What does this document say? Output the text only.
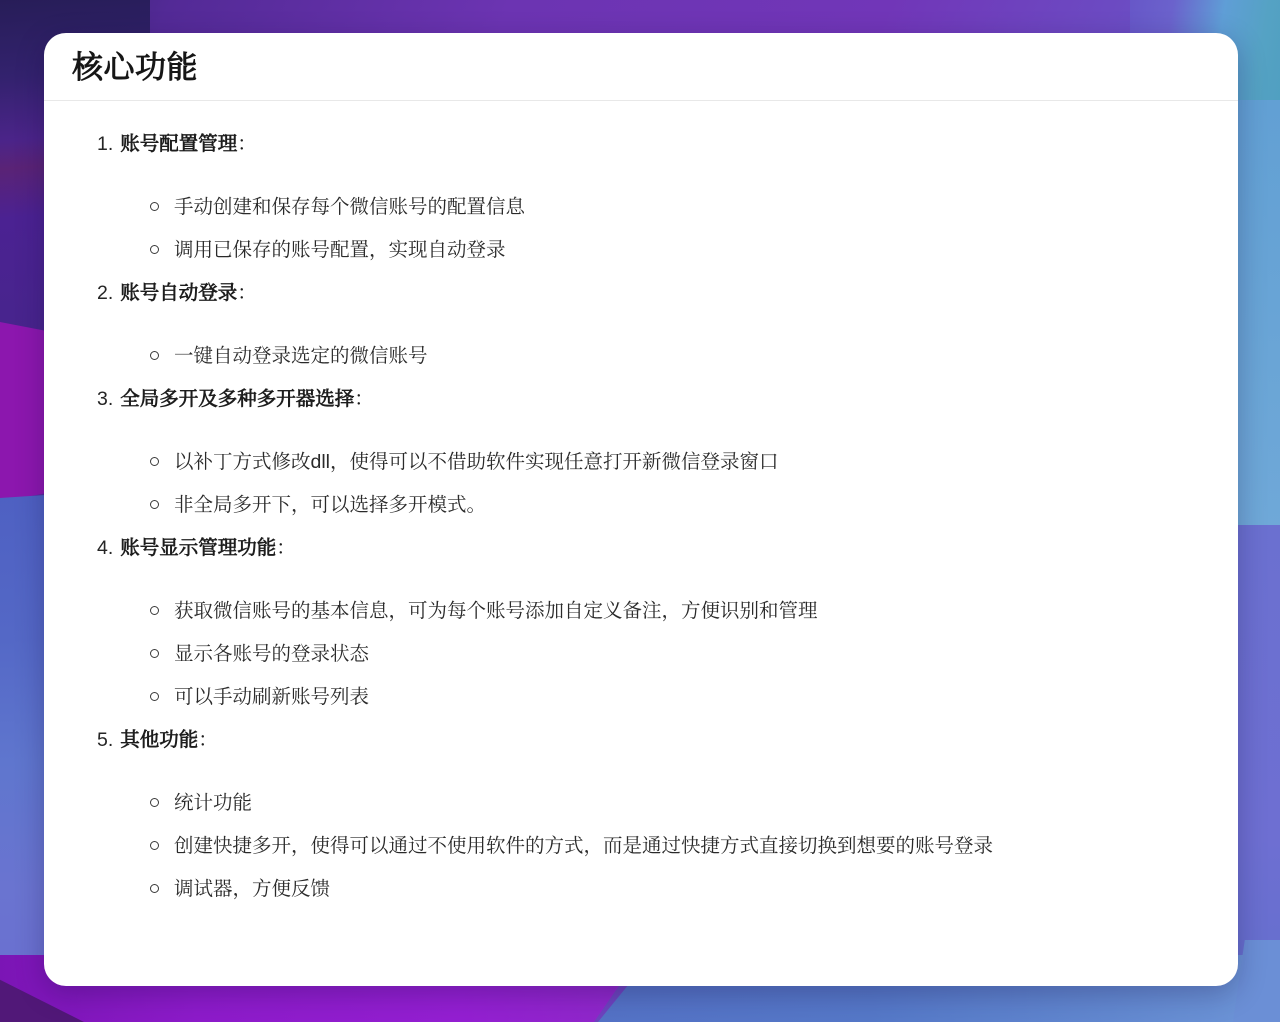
核心功能
1. 账号配置管理：
手动创建和保存每个微信账号的配置信息
调用已保存的账号配置，实现自动登录
2. 账号自动登录：
一键自动登录选定的微信账号
3. 全局多开及多种多开器选择：
以补丁方式修改dll，使得可以不借助软件实现任意打开新微信登录窗口
非全局多开下，可以选择多开模式。
4. 账号显示管理功能：
获取微信账号的基本信息，可为每个账号添加自定义备注，方便识别和管理
显示各账号的登录状态
可以手动刷新账号列表
5. 其他功能：
统计功能
创建快捷多开，使得可以通过不使用软件的方式，而是通过快捷方式直接切换到想要的账号登录
调试器，方便反馈
